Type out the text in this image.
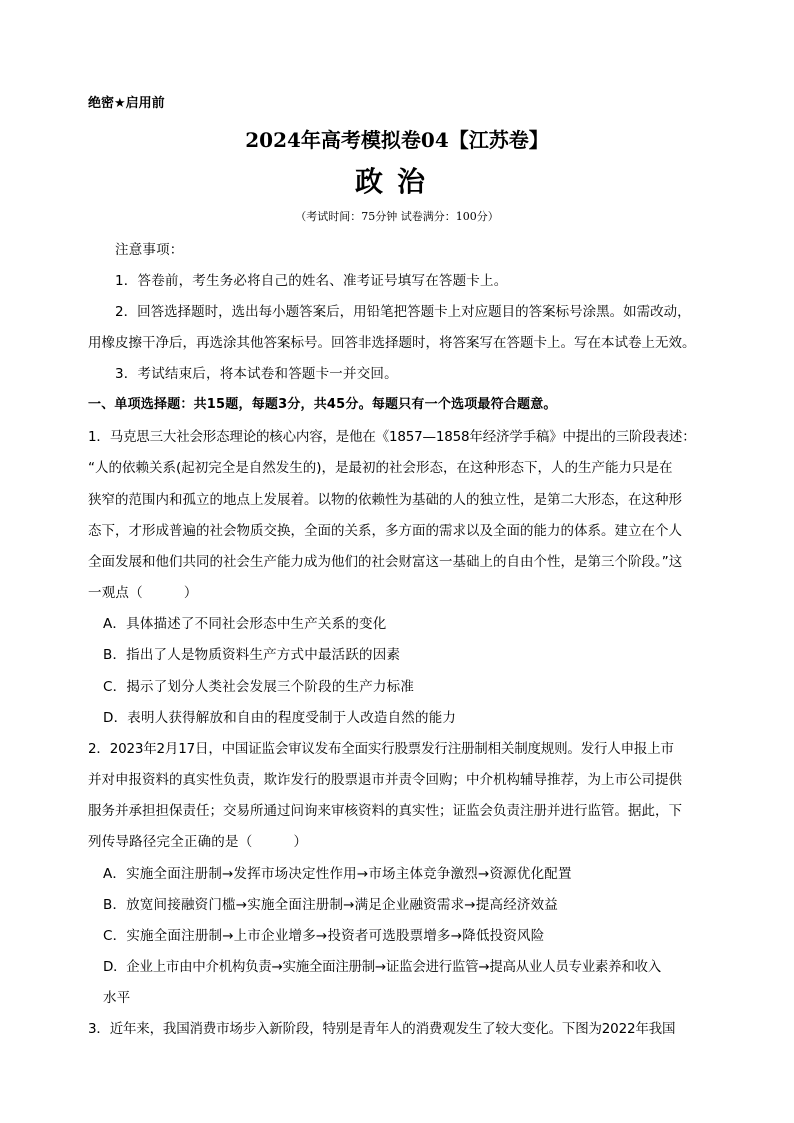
绝密★启用前
2024年高考模拟卷04【江苏卷】
政治
（考试时间：75分钟 试卷满分：100分）
注意事项：
1．答卷前，考生务必将自己的姓名、准考证号填写在答题卡上。
2．回答选择题时，选出每小题答案后，用铅笔把答题卡上对应题目的答案标号涂黑。如需改动，
用橡皮擦干净后，再选涂其他答案标号。回答非选择题时，将答案写在答题卡上。写在本试卷上无效。
3．考试结束后，将本试卷和答题卡一并交回。
一、单项选择题：共15题，每题3分，共45分。每题只有一个选项最符合题意。
1．马克思三大社会形态理论的核心内容，是他在《1857—1858年经济学手稿》中提出的三阶段表述：
“人的依赖关系(起初完全是自然发生的)，是最初的社会形态，在这种形态下，人的生产能力只是在
狭窄的范围内和孤立的地点上发展着。以物的依赖性为基础的人的独立性，是第二大形态，在这种形
态下，才形成普遍的社会物质交换，全面的关系，多方面的需求以及全面的能力的体系。建立在个人
全面发展和他们共同的社会生产能力成为他们的社会财富这一基础上的自由个性，是第三个阶段。”这
一观点（　　　）
A．具体描述了不同社会形态中生产关系的变化
B．指出了人是物质资料生产方式中最活跃的因素
C．揭示了划分人类社会发展三个阶段的生产力标准
D．表明人获得解放和自由的程度受制于人改造自然的能力
2．2023年2月17日，中国证监会审议发布全面实行股票发行注册制相关制度规则。发行人申报上市
并对申报资料的真实性负责，欺诈发行的股票退市并责令回购；中介机构辅导推荐，为上市公司提供
服务并承担担保责任；交易所通过问询来审核资料的真实性；证监会负责注册并进行监管。据此，下
列传导路径完全正确的是（　　　）
A．实施全面注册制→发挥市场决定性作用→市场主体竞争激烈→资源优化配置
B．放宽间接融资门槛→实施全面注册制→满足企业融资需求→提高经济效益
C．实施全面注册制→上市企业增多→投资者可选股票增多→降低投资风险
D．企业上市由中介机构负责→实施全面注册制→证监会进行监管→提高从业人员专业素养和收入
水平
3．近年来，我国消费市场步入新阶段，特别是青年人的消费观发生了较大变化。下图为2022年我国
